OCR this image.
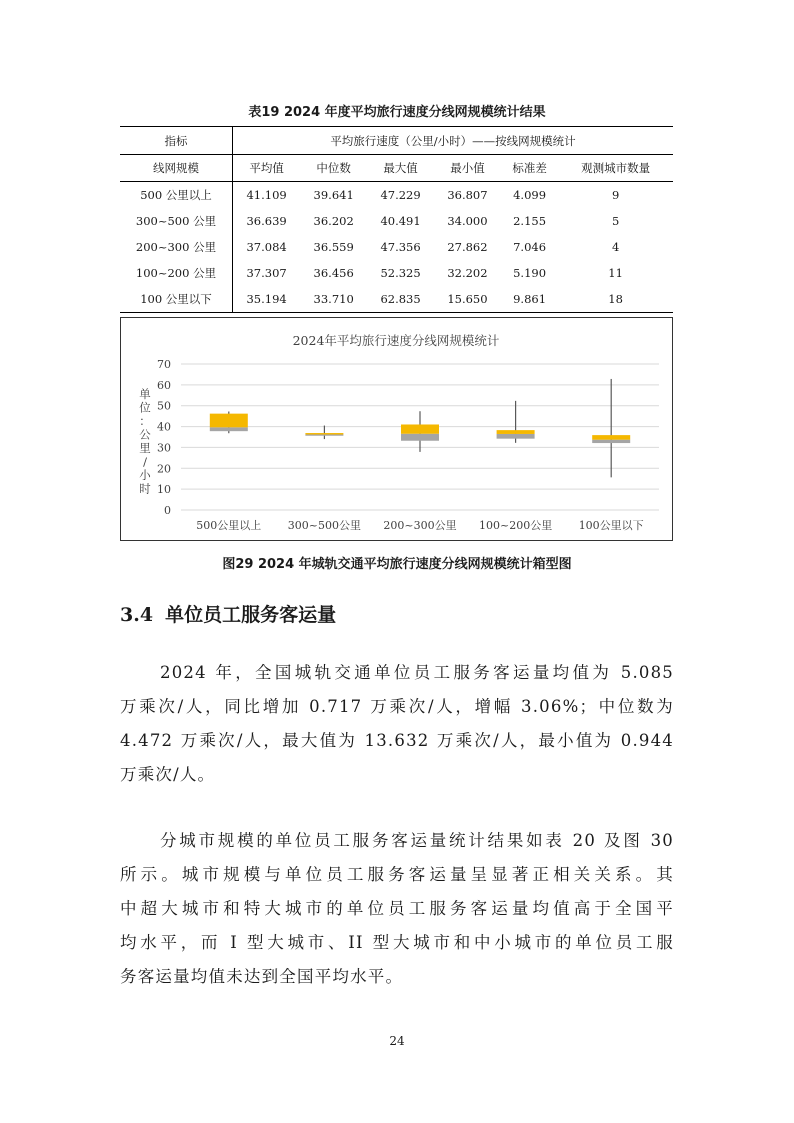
表19 2024 年度平均旅行速度分线网规模统计结果
指标	平均旅行速度（公里/小时）——按线网规模统计					
线网规模	平均值	中位数	最大值	最小值	标准差	观测城市数量
500 公里以上	41.109	39.641	47.229	36.807	4.099	9
300~500 公里	36.639	36.202	40.491	34.000	2.155	5
200~300 公里	37.084	36.559	47.356	27.862	7.046	4
100~200 公里	37.307	36.456	52.325	32.202	5.190	11
100 公里以下	35.194	33.710	62.835	15.650	9.861	18
2024年平均旅行速度分线网规模统计
0
10
20
30
40
50
60
70
500公里以上 300~500公里 200~300公里 100~200公里 100公里以下
单位：公里/小时
图29 2024 年城轨交通平均旅行速度分线网规模统计箱型图
3.4 单位员工服务客运量
2024 年，全国城轨交通单位员工服务客运量均值为 5.085
万乘次/人，同比增加 0.717 万乘次/人，增幅 3.06%；中位数为
4.472 万乘次/人，最大值为 13.632 万乘次/人，最小值为 0.944
万乘次/人。
分城市规模的单位员工服务客运量统计结果如表 20 及图 30
所示。城市规模与单位员工服务客运量呈显著正相关关系。其
中超大城市和特大城市的单位员工服务客运量均值高于全国平
均水平，而 I 型大城市、II 型大城市和中小城市的单位员工服
务客运量均值未达到全国平均水平。
24
